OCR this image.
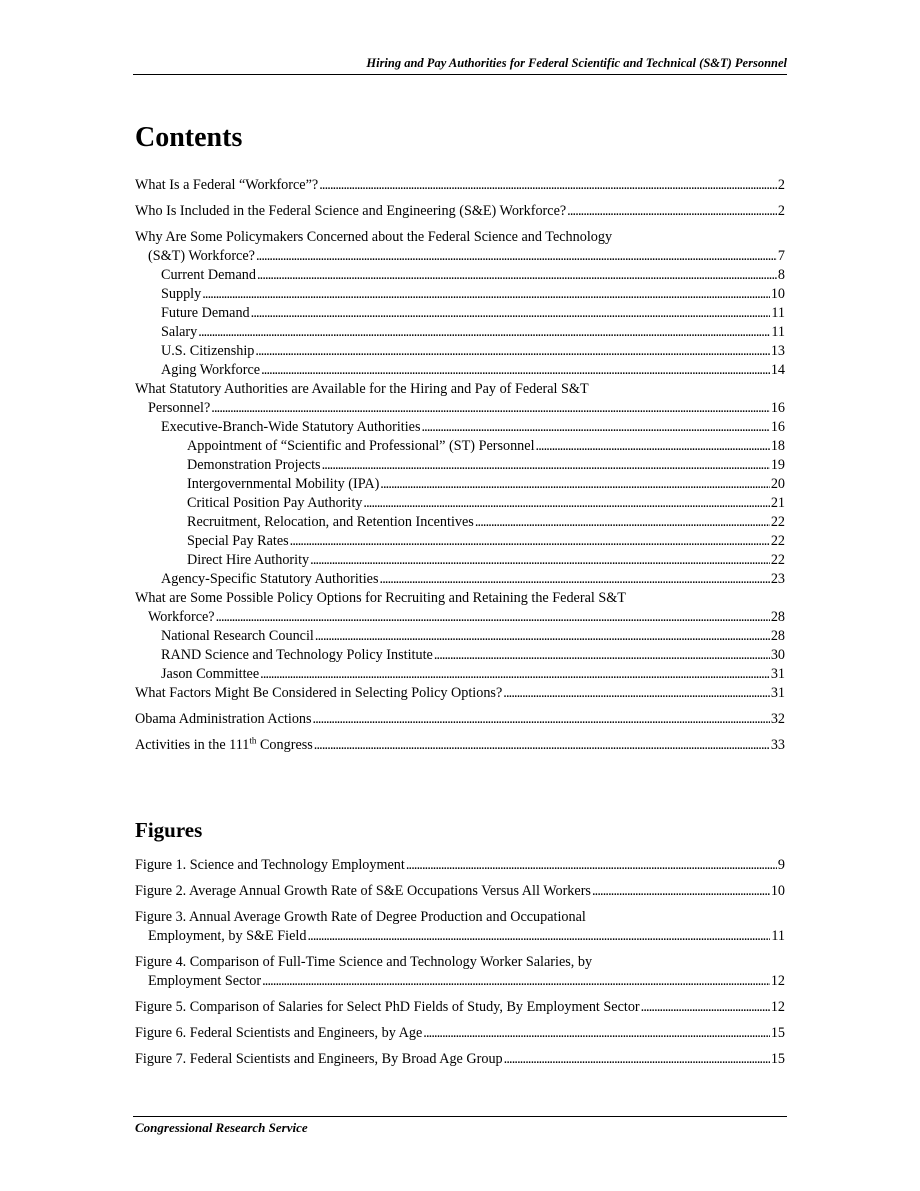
Hiring and Pay Authorities for Federal Scientific and Technical (S&T) Personnel
Contents
What Is a Federal “Workforce”? . . .	2
Who Is Included in the Federal Science and Engineering (S&E) Workforce? . . .	2
Why Are Some Policymakers Concerned about the Federal Science and Technology
(S&T) Workforce? . . .	7
Current Demand . . .	8
Supply . . .	10
Future Demand . . .	11
Salary . . .	11
U.S. Citizenship . . .	13
Aging Workforce . . .	14
What Statutory Authorities are Available for the Hiring and Pay of Federal S&T
Personnel? . . .	16
Executive-Branch-Wide Statutory Authorities . . .	16
Appointment of “Scientific and Professional” (ST) Personnel . . .	18
Demonstration Projects . . .	19
Intergovernmental Mobility (IPA) . . .	20
Critical Position Pay Authority . . .	21
Recruitment, Relocation, and Retention Incentives . . .	22
Special Pay Rates . . .	22
Direct Hire Authority . . .	22
Agency-Specific Statutory Authorities . . .	23
What are Some Possible Policy Options for Recruiting and Retaining the Federal S&T
Workforce? . . .	28
National Research Council . . .	28
RAND Science and Technology Policy Institute . . .	30
Jason Committee . . .	31
What Factors Might Be Considered in Selecting Policy Options? . . .	31
Obama Administration Actions . . .	32
Activities in the 111th Congress . . .	33
Figures
Figure 1. Science and Technology Employment . . .	9
Figure 2. Average Annual Growth Rate of S&E Occupations Versus All Workers . . .	10
Figure 3. Annual Average Growth Rate of Degree Production and Occupational
Employment, by S&E Field . . .	11
Figure 4. Comparison of Full-Time Science and Technology Worker Salaries, by
Employment Sector . . .	12
Figure 5. Comparison of Salaries for Select PhD Fields of Study, By Employment Sector . . .	12
Figure 6. Federal Scientists and Engineers, by Age . . .	15
Figure 7. Federal Scientists and Engineers, By Broad Age Group . . .	15
Congressional Research Service
